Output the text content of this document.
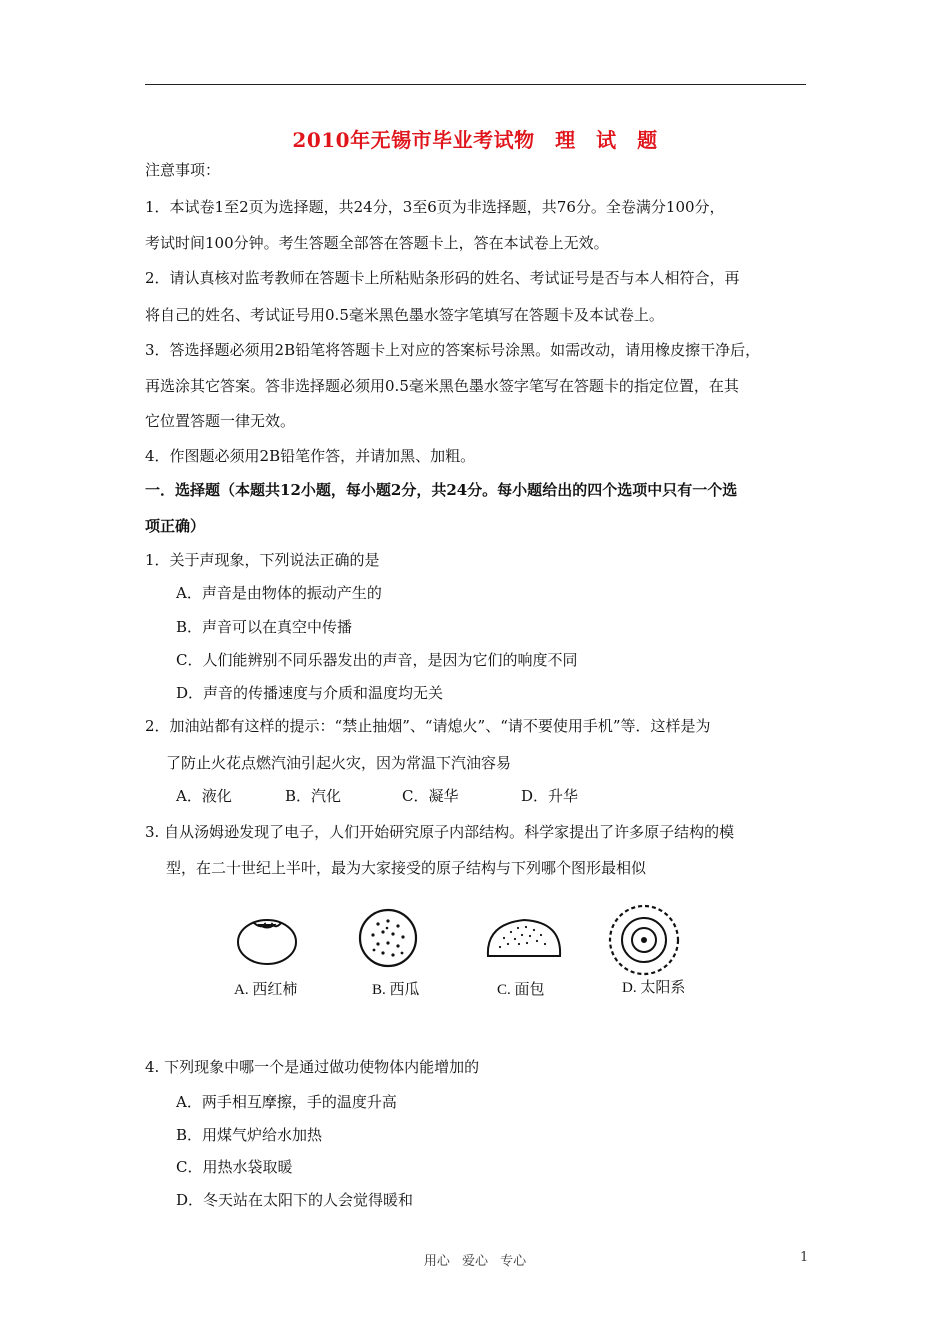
2010年无锡市毕业考试物　理　试　题
注意事项：
1．本试卷1至2页为选择题，共24分，3至6页为非选择题，共76分。全卷满分100分，
考试时间100分钟。考生答题全部答在答题卡上，答在本试卷上无效。
2．请认真核对监考教师在答题卡上所粘贴条形码的姓名、考试证号是否与本人相符合，再
将自己的姓名、考试证号用0.5毫米黑色墨水签字笔填写在答题卡及本试卷上。
3．答选择题必须用2B铅笔将答题卡上对应的答案标号涂黑。如需改动，请用橡皮擦干净后，
再选涂其它答案。答非选择题必须用0.5毫米黑色墨水签字笔写在答题卡的指定位置，在其
它位置答题一律无效。
4．作图题必须用2B铅笔作答，并请加黑、加粗。
一．选择题（本题共12小题，每小题2分，共24分。每小题给出的四个选项中只有一个选
项正确）
1．关于声现象，下列说法正确的是
A．声音是由物体的振动产生的
B．声音可以在真空中传播
C．人们能辨别不同乐器发出的声音，是因为它们的响度不同
D．声音的传播速度与介质和温度均无关
2．加油站都有这样的提示：“禁止抽烟”、“请熄火”、“请不要使用手机”等．这样是为
了防止火花点燃汽油引起火灾，因为常温下汽油容易
A．液化	B．汽化	C．凝华	D．升华
3. 自从汤姆逊发现了电子，人们开始研究原子内部结构。科学家提出了许多原子结构的模
型，在二十世纪上半叶，最为大家接受的原子结构与下列哪个图形最相似
A. 西红柿	B. 西瓜	C. 面包	D. 太阳系
4. 下列现象中哪一个是通过做功使物体内能增加的
A．两手相互摩擦，手的温度升高
B．用煤气炉给水加热
C．用热水袋取暖
D．冬天站在太阳下的人会觉得暖和
用心 爱心 专心	1
